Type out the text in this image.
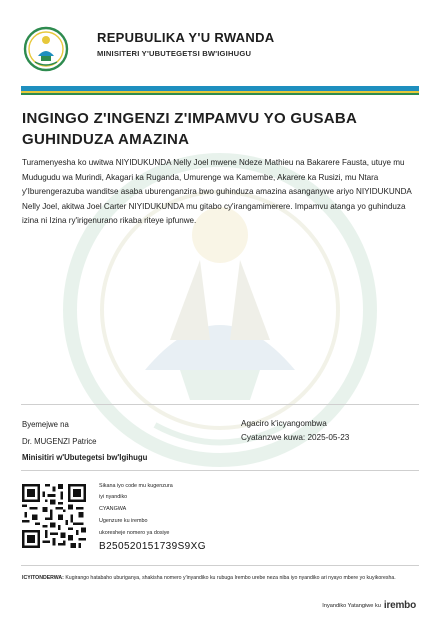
REPUBULIKA Y'U RWANDA
MINISITERI Y'UBUTEGETSI BW'IGIHUGU
INGINGO Z'INGENZI Z'IMPAMVU YO GUSABA GUHINDUZA AMAZINA
Turamenyesha ko uwitwa NIYIDUKUNDA Nelly Joel mwene Ndeze Mathieu na Bakarere Fausta, utuye mu Mudugudu wa Murindi, Akagari ka Ruganda, Umurenge wa Kamembe, Akarere ka Rusizi, mu Ntara y'Iburengerazuba wanditse asaba uburenganzira bwo guhinduza amazina asanganywe ariyo NIYIDUKUNDA Nelly Joel, akitwa Joel Carter NIYIDUKUNDA mu gitabo cy'irangamimerere. Impamvu atanga yo guhinduza izina ni Izina ry'irigenurano rikaba riteye ipfunwe.
Byemejwe na
Dr. MUGENZI Patrice
Minisitiri w'Ubutegetsi bw'Igihugu
Agaciro k'icyangombwa
Cyatanzwe kuwa: 2025-05-23
Sikana iyo code mu kugenzura
iyi nyandiko
CYANGWA
Ugenzure ku irembo
ukoresheje nomero ya dosiye
B250520151739S9XG
ICYITONDERWA: Kugirango hatabaho uburiganya, shakisha nomero y'inyandiko ku rubuga Irembo urebe neza niba iyo nyandiko ari nyayo mbere yo kuyikoresha.
Inyandiko Yatangiwe ku irembo
